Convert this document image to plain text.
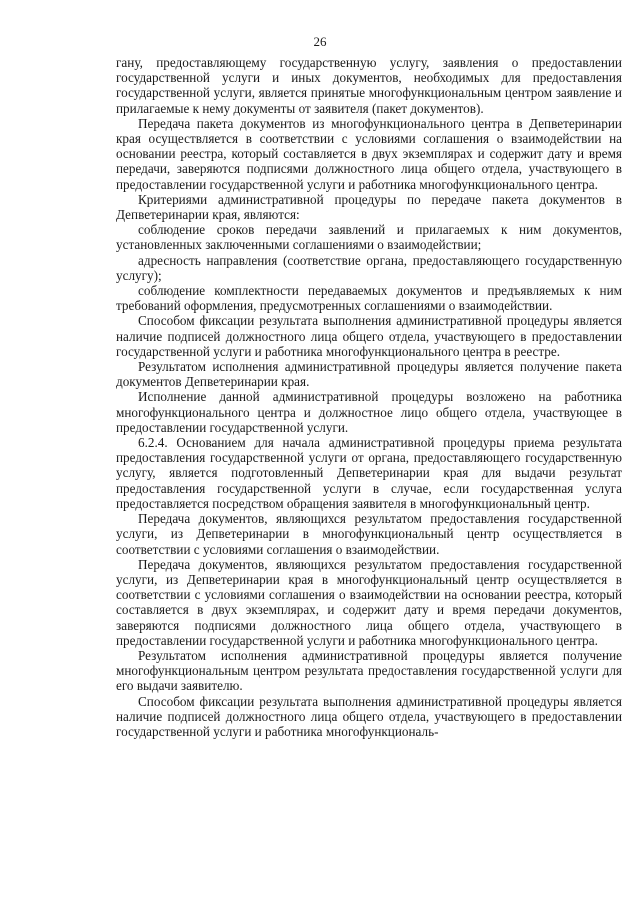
26

гану, предоставляющему государственную услугу, заявления о предоставлении государственной услуги и иных документов, необходимых для предоставления государственной услуги, является принятые многофункциональным центром заявление и прилагаемые к нему документы от заявителя (пакет документов).

Передача пакета документов из многофункционального центра в Депветеринарии края осуществляется в соответствии с условиями соглашения о взаимодействии на основании реестра, который составляется в двух экземплярах и содержит дату и время передачи, заверяются подписями должностного лица общего отдела, участвующего в предоставлении государственной услуги и работника многофункционального центра.

Критериями административной процедуры по передаче пакета документов в Депветеринарии края, являются:

соблюдение сроков передачи заявлений и прилагаемых к ним документов, установленных заключенными соглашениями о взаимодействии;

адресность направления (соответствие органа, предоставляющего государственную услугу);

соблюдение комплектности передаваемых документов и предъявляемых к ним требований оформления, предусмотренных соглашениями о взаимодействии.

Способом фиксации результата выполнения административной процедуры является наличие подписей должностного лица общего отдела, участвующего в предоставлении государственной услуги и работника многофункционального центра в реестре.

Результатом исполнения административной процедуры является получение пакета документов Депветеринарии края.

Исполнение данной административной процедуры возложено на работника многофункционального центра и должностное лицо общего отдела, участвующее в предоставлении государственной услуги.

6.2.4. Основанием для начала административной процедуры приема результата предоставления государственной услуги от органа, предоставляющего государственную услугу, является подготовленный Депветеринарии края для выдачи результат предоставления государственной услуги в случае, если государственная услуга предоставляется посредством обращения заявителя в многофункциональный центр.

Передача документов, являющихся результатом предоставления государственной услуги, из Депветеринарии в многофункциональный центр осуществляется в соответствии с условиями соглашения о взаимодействии.

Передача документов, являющихся результатом предоставления государственной услуги, из Депветеринарии края в многофункциональный центр осуществляется в соответствии с условиями соглашения о взаимодействии на основании реестра, который составляется в двух экземплярах, и содержит дату и время передачи документов, заверяются подписями должностного лица общего отдела, участвующего в предоставлении государственной услуги и работника многофункционального центра.

Результатом исполнения административной процедуры является получение многофункциональным центром результата предоставления государственной услуги для его выдачи заявителю.

Способом фиксации результата выполнения административной процедуры является наличие подписей должностного лица общего отдела, участвующего в предоставлении государственной услуги и работника многофункциональ-
